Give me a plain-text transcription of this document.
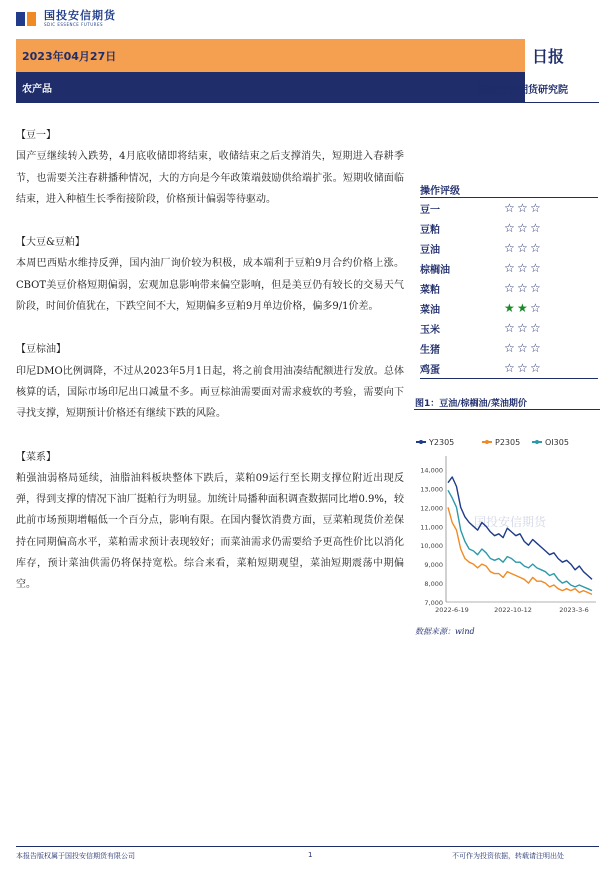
国投安信期货
SDIC ESSENCE FUTURES
2023年04月27日	日报
农产品	国投安信期货研究院
【豆一】
国产豆继续转入跌势，4月底收储即将结束，收储结束之后支撑消失，短期进入春耕季节，也需要关注春耕播种情况，大的方向是今年政策端鼓励供给端扩张。短期收储面临结束，进入种植生长季衔接阶段，价格预计偏弱等待驱动。
【大豆&豆粕】
本周巴西贴水维持反弹，国内油厂询价较为积极，成本端利于豆粕9月合约价格上涨。CBOT美豆价格短期偏弱，宏观加息影响带来偏空影响，但是美豆仍有较长的交易天气阶段，时间价值犹在，下跌空间不大，短期偏多豆粕9月单边价格，偏多9/1价差。
【豆棕油】
印尼DMO比例调降，不过从2023年5月1日起，将之前食用油凑结配额进行发放。总体核算的话，国际市场印尼出口减量不多。両豆棕油需要面对需求疲软的考验，需要向下寻找支撑，短期预计价格还有继续下跌的风险。
【菜系】
粕强油弱格局延续，油脂油料板块整体下跌后，菜粕09运行至长期支撑位附近出现反弹，得到支撑的情况下油厂挺粕行为明显。加统计局播种面积调查数据同比增0.9%，较此前市场预期增幅低一个百分点，影响有限。在国内餐饮消费方面，豆菜粕现货价差保持在同期偏高水平，菜粕需求预计表现较好；而菜油需求仍需要给予更高性价比以消化库存，预计菜油供需仍将保持宽松。综合来看，菜粕短期观望，菜油短期震荡中期偏空。
操作评级
豆一	☆ ☆ ☆
豆粕	☆ ☆ ☆
豆油	☆ ☆ ☆
棕榈油	☆ ☆ ☆
菜粕	☆ ☆ ☆
菜油	★ ★ ☆
玉米	☆ ☆ ☆
生猪	☆ ☆ ☆
鸡蛋	☆ ☆ ☆
图1：豆油/棕榈油/菜油期价
Y2305	P2305	OI305
国投安信期货
7,000
8,000
9,000
10,000
11,000
12,000
13,000
14,000
2022-6-19	2022-10-12	2023-3-6
数据来源：wind
本报告版权属于国投安信期货有限公司	1	不可作为投资依据，转载请注明出处
